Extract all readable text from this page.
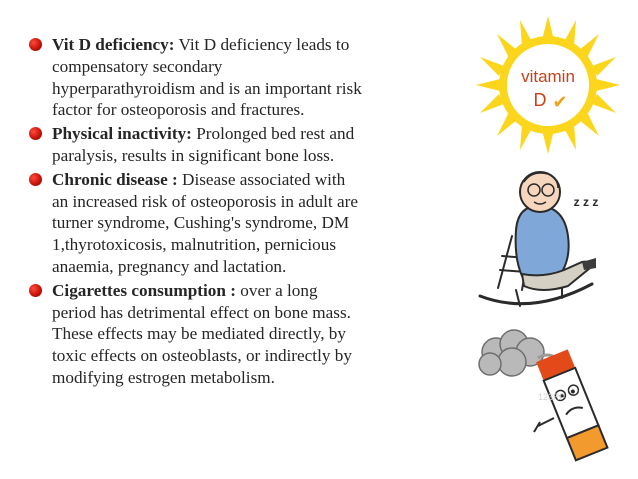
Vit D deficiency: Vit D deficiency leads to
compensatory secondary
hyperparathyroidism and is an important risk
factor for osteoporosis and fractures.
Physical inactivity: Prolonged bed rest and
paralysis, results in significant bone loss.
Chronic disease : Disease associated with
an increased risk of osteoporosis in adult are
turner syndrome, Cushing's syndrome, DM
1,thyrotoxicosis, malnutrition, pernicious
anaemia, pregnancy and lactation.
Cigarettes consumption : over a long
period has detrimental effect on bone mass.
These effects may be mediated directly, by
toxic effects on osteoblasts, or indirectly by
modifying estrogen metabolism.
vitamin
D ✔
z z z
123RF
